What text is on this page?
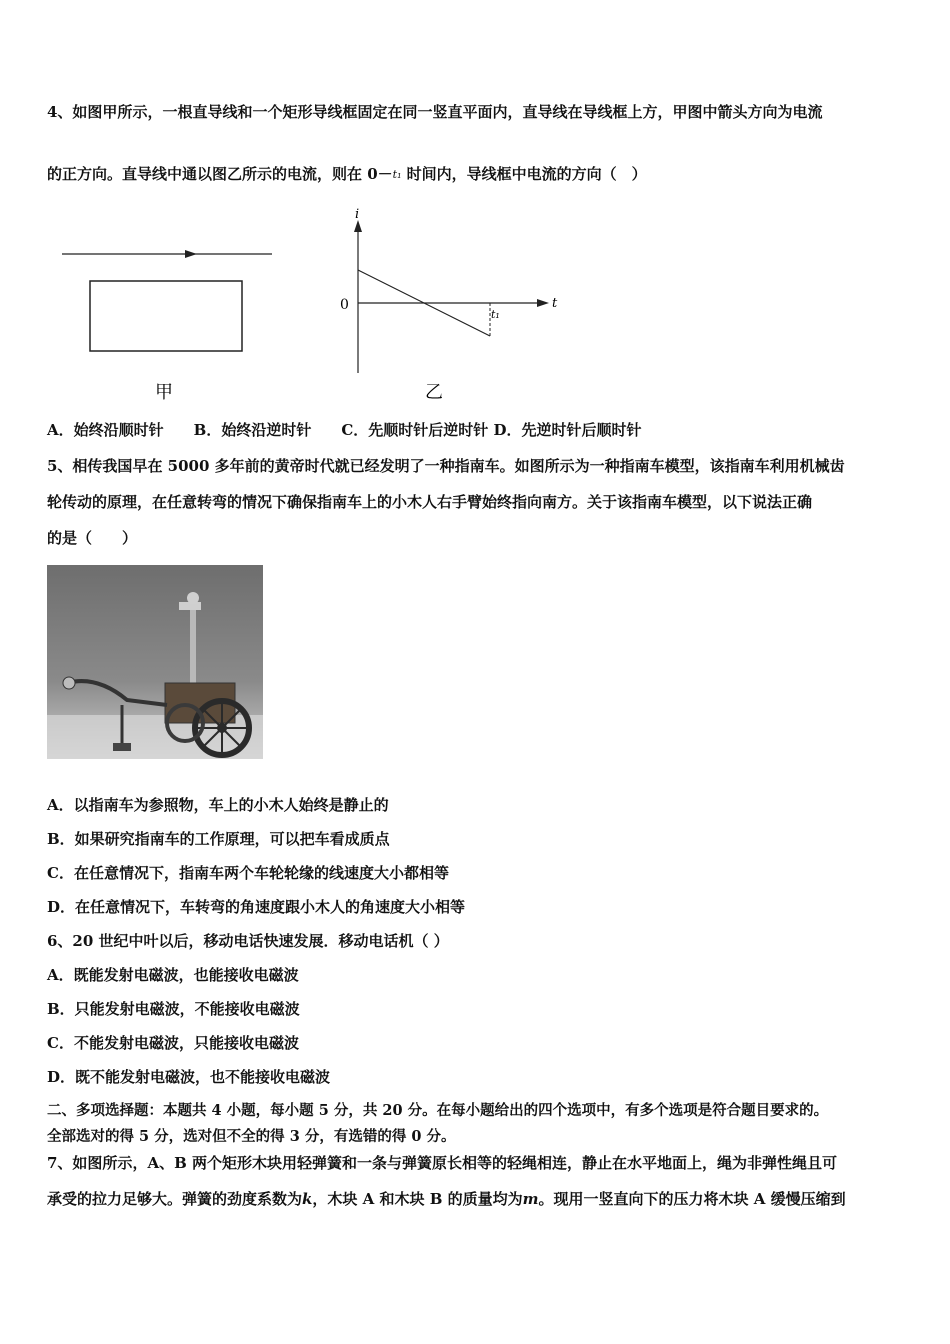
4、如图甲所示，一根直导线和一个矩形导线框固定在同一竖直平面内，直导线在导线框上方，甲图中箭头方向为电流
的正方向。直导线中通以图乙所示的电流，则在 0－ t₁ 时间内，导线框中电流的方向（　）
甲
i
t
0
t₁
乙
A．始终沿顺时针　　B．始终沿逆时针　　C．先顺时针后逆时针 D．先逆时针后顺时针
5、相传我国早在 5000 多年前的黄帝时代就已经发明了一种指南车。如图所示为一种指南车模型，该指南车利用机械齿
轮传动的原理，在任意转弯的情况下确保指南车上的小木人右手臂始终指向南方。关于该指南车模型，以下说法正确
的是（　　）
A．以指南车为参照物，车上的小木人始终是静止的
B．如果研究指南车的工作原理，可以把车看成质点
C．在任意情况下，指南车两个车轮轮缘的线速度大小都相等
D．在任意情况下，车转弯的角速度跟小木人的角速度大小相等
6、20 世纪中叶以后，移动电话快速发展．移动电话机（ ）
A．既能发射电磁波，也能接收电磁波
B．只能发射电磁波，不能接收电磁波
C．不能发射电磁波，只能接收电磁波
D．既不能发射电磁波，也不能接收电磁波
二、多项选择题：本题共 4 小题，每小题 5 分，共 20 分。在每小题给出的四个选项中，有多个选项是符合题目要求的。
全部选对的得 5 分，选对但不全的得 3 分，有选错的得 0 分。
7、如图所示，A、B 两个矩形木块用轻弹簧和一条与弹簧原长相等的轻绳相连，静止在水平地面上，绳为非弹性绳且可
承受的拉力足够大。弹簧的劲度系数为k，木块 A 和木块 B 的质量均为m。现用一竖直向下的压力将木块 A 缓慢压缩到
